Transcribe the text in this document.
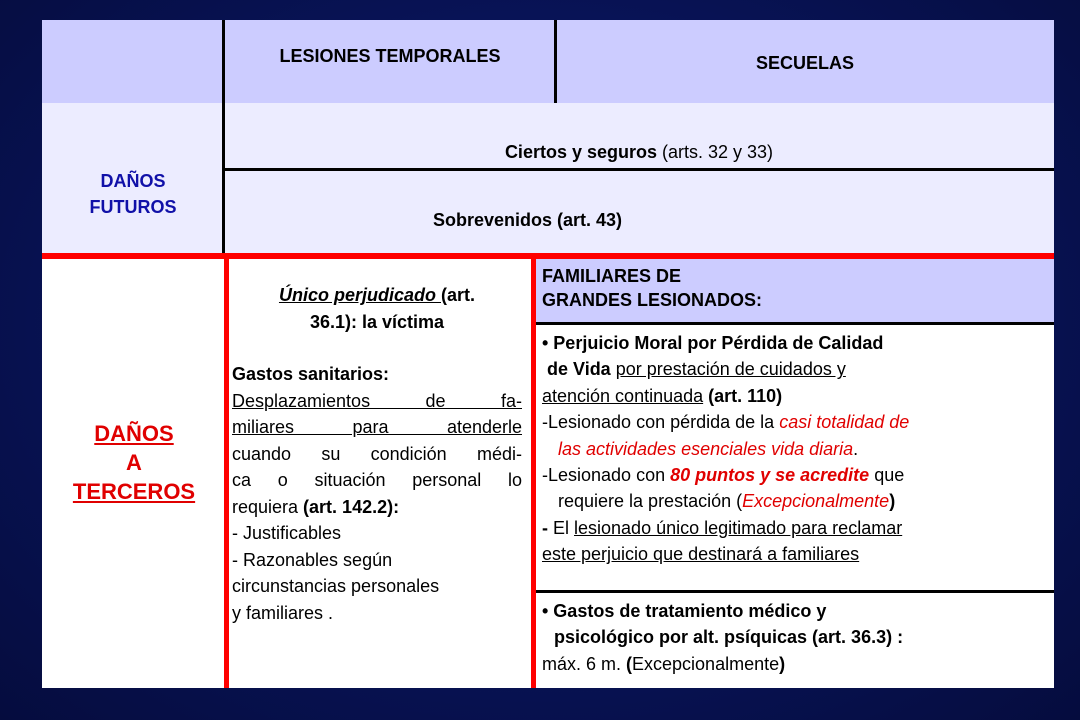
LESIONES TEMPORALES	SECUELAS
DAÑOS
FUTUROS
Ciertos y seguros (arts. 32 y 33)
Sobrevenidos (art. 43)
DAÑOS
A
TERCEROS

Único perjudicado (art.

36.1): la víctima

Gastos sanitarios:

Desplazamientos de fa-

miliares para atenderle

cuando su condición médi-

ca o situación personal lo

requiera (art. 142.2):

- Justificables

- Razonables según

circunstancias personales

y familiares .

FAMILIARES DE

GRANDES LESIONADOS:

• Perjuicio Moral por Pérdida de Calidad

de Vida por prestación de cuidados y

atención continuada (art. 110)

-Lesionado con pérdida de la casi totalidad de

las actividades esenciales vida diaria.

-Lesionado con 80 puntos y se acredite que

requiere la prestación (Excepcionalmente)

- El lesionado único legitimado para reclamar

este perjuicio que destinará a familiares

• Gastos de tratamiento médico y

psicológico por alt. psíquicas (art. 36.3) :

máx. 6 m. (Excepcionalmente)
